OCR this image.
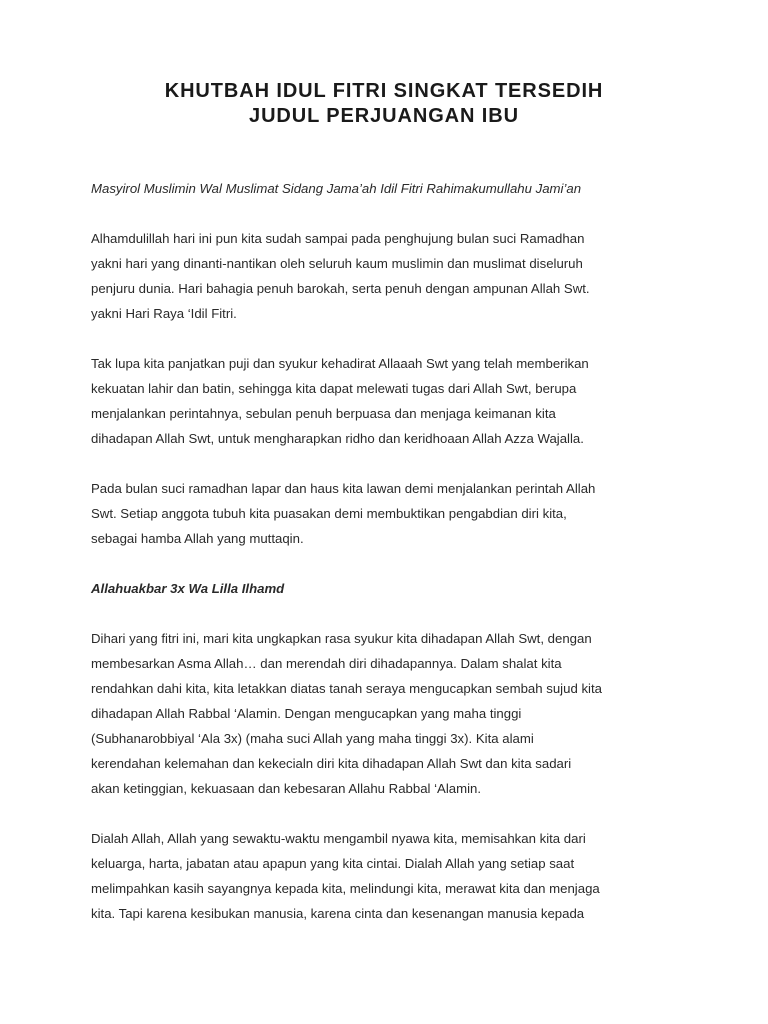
KHUTBAH IDUL FITRI SINGKAT TERSEDIH
JUDUL PERJUANGAN IBU
Masyirol Muslimin Wal Muslimat Sidang Jama’ah Idil Fitri Rahimakumullahu Jami’an
Alhamdulillah hari ini pun kita sudah sampai pada penghujung bulan suci Ramadhan
yakni hari yang dinanti-nantikan oleh seluruh kaum muslimin dan muslimat diseluruh
penjuru dunia. Hari bahagia penuh barokah, serta penuh dengan ampunan Allah Swt.
yakni Hari Raya ‘Idil Fitri.
Tak lupa kita panjatkan puji dan syukur kehadirat Allaaah Swt yang telah memberikan
kekuatan lahir dan batin, sehingga kita dapat melewati tugas dari Allah Swt, berupa
menjalankan perintahnya, sebulan penuh berpuasa dan menjaga keimanan kita
dihadapan Allah Swt, untuk mengharapkan ridho dan keridhoaan Allah Azza Wajalla.
Pada bulan suci ramadhan lapar dan haus kita lawan demi menjalankan perintah Allah
Swt. Setiap anggota tubuh kita puasakan demi membuktikan pengabdian diri kita,
sebagai hamba Allah yang muttaqin.
Allahuakbar 3x Wa Lilla Ilhamd
Dihari yang fitri ini, mari kita ungkapkan rasa syukur kita dihadapan Allah Swt, dengan
membesarkan Asma Allah… dan merendah diri dihadapannya. Dalam shalat kita
rendahkan dahi kita, kita letakkan diatas tanah seraya mengucapkan sembah sujud kita
dihadapan Allah Rabbal ‘Alamin. Dengan mengucapkan yang maha tinggi
(Subhanarobbiyal ‘Ala 3x) (maha suci Allah yang maha tinggi 3x). Kita alami
kerendahan kelemahan dan kekecialn diri kita dihadapan Allah Swt dan kita sadari
akan ketinggian, kekuasaan dan kebesaran Allahu Rabbal ‘Alamin.
Dialah Allah, Allah yang sewaktu-waktu mengambil nyawa kita, memisahkan kita dari
keluarga, harta, jabatan atau apapun yang kita cintai. Dialah Allah yang setiap saat
melimpahkan kasih sayangnya kepada kita, melindungi kita, merawat kita dan menjaga
kita. Tapi karena kesibukan manusia, karena cinta dan kesenangan manusia kepada
